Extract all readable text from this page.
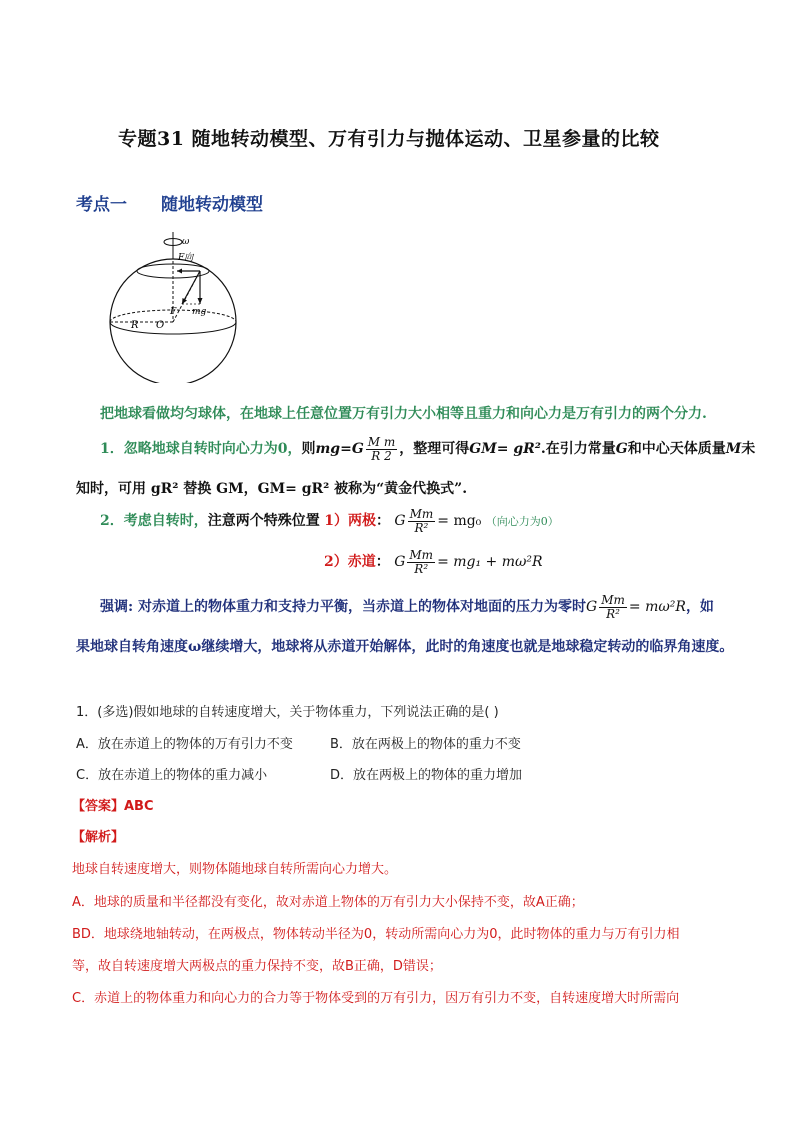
专题31 随地转动模型、万有引力与抛体运动、卫星参量的比较
考点一 随地转动模型
ω
F向
F mg
O
R
把地球看做均匀球体，在地球上任意位置万有引力大小相等且重力和向心力是万有引力的两个分力.
1．忽略地球自转时向心力为0，则$mg=G \frac{\text{M m}}{R 2}$ ，整理可得GM= gR².在引力常量G和中心天体质量M未
知时，可用 gR² 替换 GM，GM= gR² 被称为“黄金代换式”.
2．考虑自转时，注意两个特殊位置 1）两极： G $\frac{Mm}{\text{R²}} = mg_0$ （向心力为0）
2）赤道： G $\frac{Mm}{\text{R²}} = mg_1 + m\omega^2R$
强调: 对赤道上的物体重力和支持力平衡，当赤道上的物体对地面的压力为零时G $\frac{Mm}{\text{R²}} = m\omega^2R$，如
果地球自转角速度ω继续增大，地球将从赤道开始解体，此时的角速度也就是地球稳定转动的临界角速度。
1．(多选)假如地球的自转速度增大，关于物体重力，下列说法正确的是( )
A．放在赤道上的物体的万有引力不变	B．放在两极上的物体的重力不变
C．放在赤道上的物体的重力减小	D．放在两极上的物体的重力增加
【答案】ABC
【解析】
地球自转速度增大，则物体随地球自转所需向心力增大。
A．地球的质量和半径都没有变化，故对赤道上物体的万有引力大小保持不变，故A正确；
BD．地球绕地轴转动，在两极点，物体转动半径为0，转动所需向心力为0，此时物体的重力与万有引力相
等，故自转速度增大两极点的重力保持不变，故B正确，D错误；
C．赤道上的物体重力和向心力的合力等于物体受到的万有引力，因万有引力不变，自转速度增大时所需向
